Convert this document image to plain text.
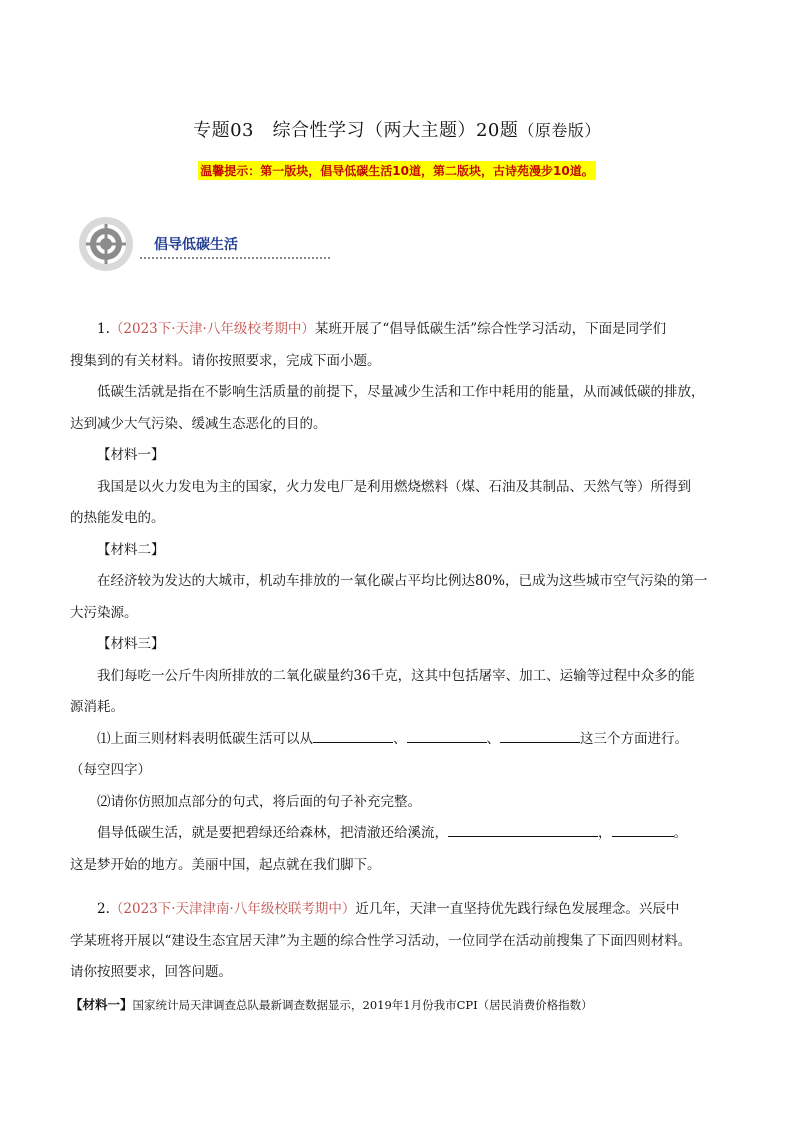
专题03　综合性学习（两大主题）20题（原卷版）
温馨提示：第一版块，倡导低碳生活10道，第二版块，古诗苑漫步10道。
倡导低碳生活

1.（2023下·天津·八年级校考期中）某班开展了“倡导低碳生活”综合性学习活动，下面是同学们

搜集到的有关材料。请你按照要求，完成下面小题。

低碳生活就是指在不影响生活质量的前提下，尽量减少生活和工作中耗用的能量，从而减低碳的排放，

达到减少大气污染、缓减生态恶化的目的。

【材料一】

我国是以火力发电为主的国家，火力发电厂是利用燃烧燃料（煤、石油及其制品、天然气等）所得到

的热能发电的。

【材料二】

在经济较为发达的大城市，机动车排放的一氧化碳占平均比例达80%，已成为这些城市空气污染的第一

大污染源。

【材料三】

我们每吃一公斤牛肉所排放的二氧化碳量约36千克，这其中包括屠宰、加工、运输等过程中众多的能

源消耗。

⑴上面三则材料表明低碳生活可以从	、	、	这三个方面进行。

（每空四字）

⑵请你仿照加点部分的句式，将后面的句子补充完整。

倡导低碳生活，就是要把碧绿还给森林，把清澈还给溪流，	，	。

这是梦开始的地方。美丽中国，起点就在我们脚下。

2.（2023下·天津津南·八年级校联考期中）近几年，天津一直坚持优先践行绿色发展理念。兴辰中

学某班将开展以“建设生态宜居天津”为主题的综合性学习活动，一位同学在活动前搜集了下面四则材料。

请你按照要求，回答问题。

【材料一】国家统计局天津调查总队最新调查数据显示，2019年1月份我市CPI（居民消费价格指数）
